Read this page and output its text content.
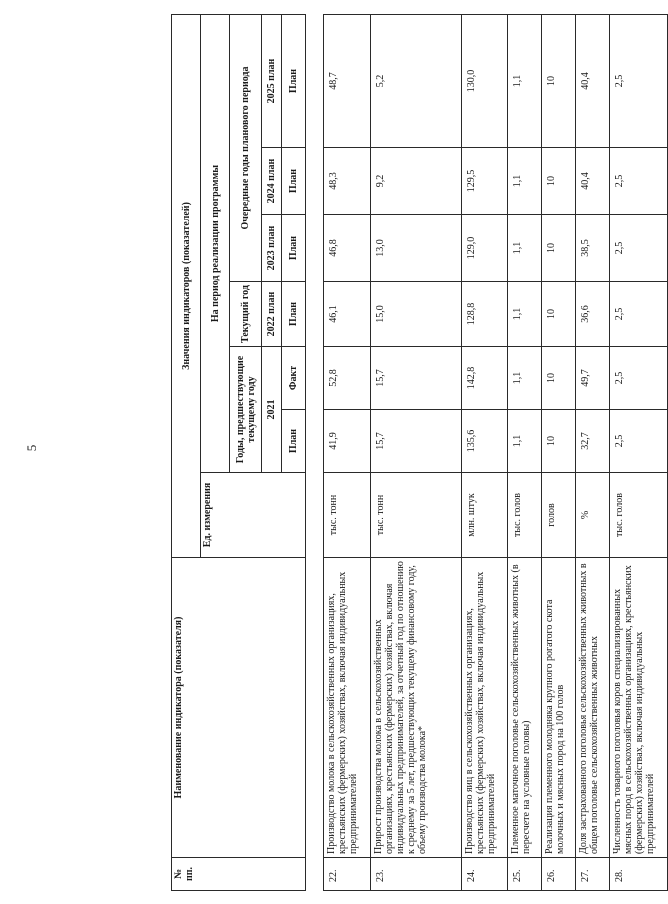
5
№ пп.	Наименование индикатора (показателя)	Значения индикаторов (показателей)						
		Ед. измерения	На период реализации программы					
			Годы, предшествующие текущему году		Текущий год	Очередные годы планового периода		
			2021		2022 план	2023 план	2024 план	2025 план
			План	Факт	План	План	План	План

22.	Производство молока в сельскохозяйственных организациях, крестьянских (фермерских) хозяйствах, включая индивидуальных предпринимателей	тыс. тонн	41,9	52,8	46,1	46,8	48,3	48,7
23.	Прирост производства молока в сельскохозяйственных организациях, крестьянских (фермерских) хозяйствах, включая индивидуальных предпринимателей, за отчетный год по отношению к среднему за 5 лет, предшествующих текущему финансовому году, объему производства молока*	тыс. тонн	15,7	15,7	15,0	13,0	9,2	5,2
24.	Производство яиц в сельскохозяйственных организациях, крестьянских (фермерских) хозяйствах, включая индивидуальных предпринимателей	млн. штук	135,6	142,8	128,8	129,0	129,5	130,0
25.	Племенное маточное поголовье сельскохозяйственных животных (в пересчете на условные головы)	тыс. голов	1,1	1,1	1,1	1,1	1,1	1,1
26.	Реализация племенного молодняка крупного рогатого скота молочных и мясных пород на 100 голов	голов	10	10	10	10	10	10
27.	Доля застрахованного поголовья сельскохозяйственных животных в общем поголовье сельскохозяйственных животных	%	32,7	49,7	36,6	38,5	40,4	40,4
28.	Численность товарного поголовья коров специализированных мясных пород в сельскохозяйственных организациях, крестьянских (фермерских) хозяйствах, включая индивидуальных предпринимателей	тыс. голов	2,5	2,5	2,5	2,5	2,5	2,5
